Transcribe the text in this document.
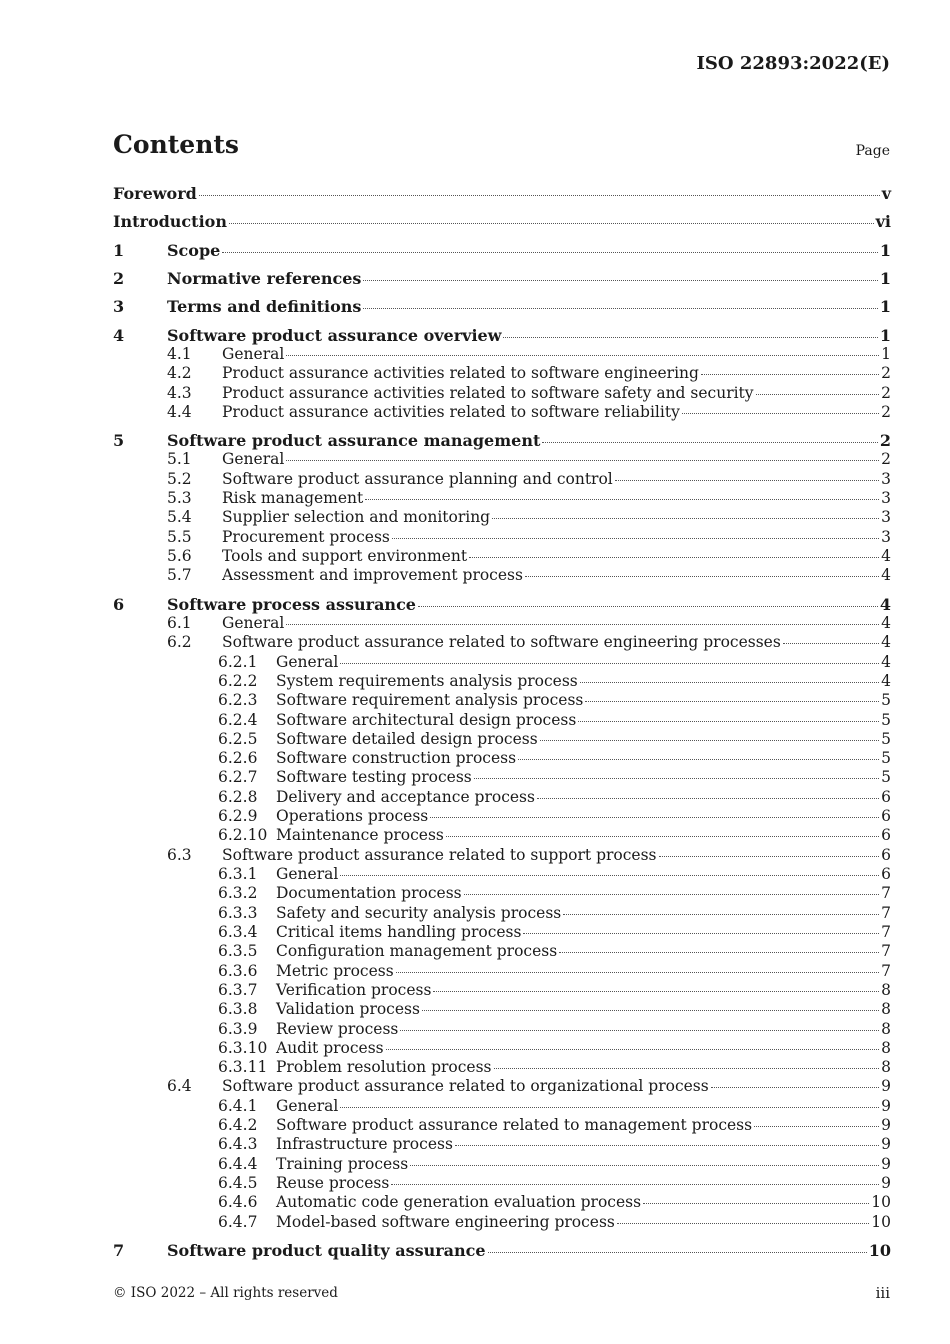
ISO 22893:2022(E)
Contents	Page
Foreword	v
Introduction	vi
1	Scope	1
2	Normative references	1
3	Terms and definitions	1
4	Software product assurance overview	1
4.1	General	1
4.2	Product assurance activities related to software engineering	2
4.3	Product assurance activities related to software safety and security	2
4.4	Product assurance activities related to software reliability	2
5	Software product assurance management	2
5.1	General	2
5.2	Software product assurance planning and control	3
5.3	Risk management	3
5.4	Supplier selection and monitoring	3
5.5	Procurement process	3
5.6	Tools and support environment	4
5.7	Assessment and improvement process	4
6	Software process assurance	4
6.1	General	4
6.2	Software product assurance related to software engineering processes	4
6.2.1	General	4
6.2.2	System requirements analysis process	4
6.2.3	Software requirement analysis process	5
6.2.4	Software architectural design process	5
6.2.5	Software detailed design process	5
6.2.6	Software construction process	5
6.2.7	Software testing process	5
6.2.8	Delivery and acceptance process	6
6.2.9	Operations process	6
6.2.10 Maintenance process	6
6.3	Software product assurance related to support process	6
6.3.1	General	6
6.3.2	Documentation process	7
6.3.3	Safety and security analysis process	7
6.3.4	Critical items handling process	7
6.3.5	Configuration management process	7
6.3.6	Metric process	7
6.3.7	Verification process	8
6.3.8	Validation process	8
6.3.9	Review process	8
6.3.10 Audit process	8
6.3.11 Problem resolution process	8
6.4	Software product assurance related to organizational process	9
6.4.1	General	9
6.4.2	Software product assurance related to management process	9
6.4.3	Infrastructure process	9
6.4.4	Training process	9
6.4.5	Reuse process	9
6.4.6	Automatic code generation evaluation process	10
6.4.7	Model-based software engineering process	10
7	Software product quality assurance	10
© ISO 2022 – All rights reserved	iii
